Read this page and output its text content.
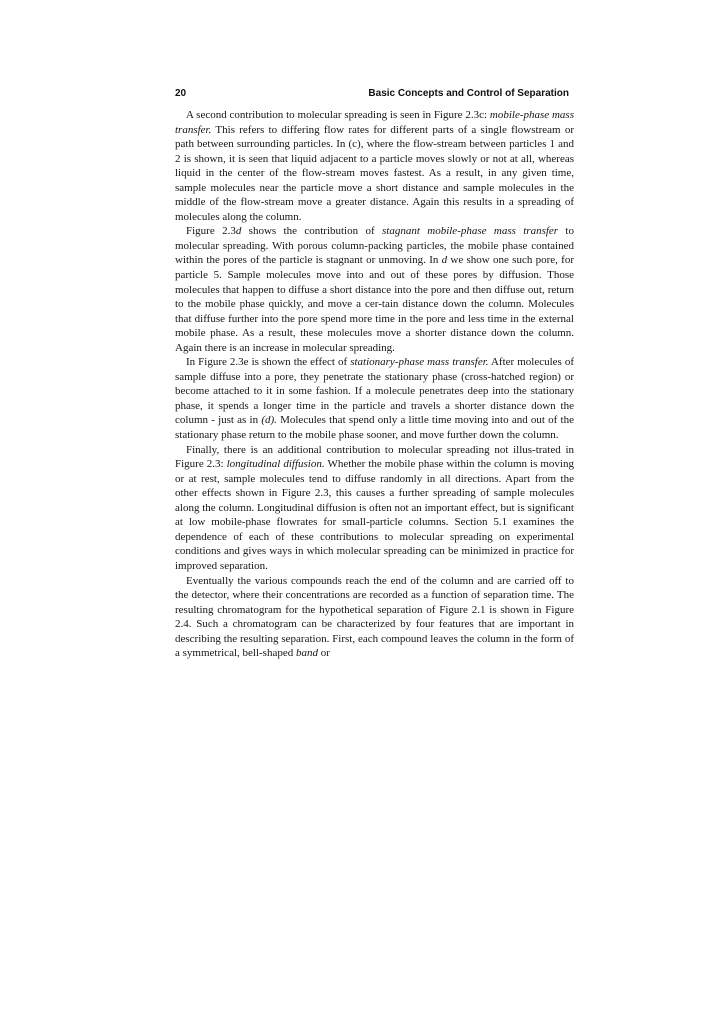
20	Basic Concepts and Control of Separation

A second contribution to molecular spreading is seen in Figure 2.3c: mobile-phase mass transfer. This refers to differing flow rates for different parts of a single flowstream or path between surrounding particles. In (c), where the flow-stream between particles 1 and 2 is shown, it is seen that liquid adjacent to a particle moves slowly or not at all, whereas liquid in the center of the flow-stream moves fastest. As a result, in any given time, sample molecules near the particle move a short distance and sample molecules in the middle of the flow-stream move a greater distance. Again this results in a spreading of molecules along the column.

Figure 2.3d shows the contribution of stagnant mobile-phase mass transfer to molecular spreading. With porous column-packing particles, the mobile phase contained within the pores of the particle is stagnant or unmoving. In d we show one such pore, for particle 5. Sample molecules move into and out of these pores by diffusion. Those molecules that happen to diffuse a short distance into the pore and then diffuse out, return to the mobile phase quickly, and move a cer-tain distance down the column. Molecules that diffuse further into the pore spend more time in the pore and less time in the external mobile phase. As a result, these molecules move a shorter distance down the column. Again there is an increase in molecular spreading.

In Figure 2.3e is shown the effect of stationary-phase mass transfer. After molecules of sample diffuse into a pore, they penetrate the stationary phase (cross-hatched region) or become attached to it in some fashion. If a molecule penetrates deep into the stationary phase, it spends a longer time in the particle and travels a shorter distance down the column - just as in (d). Molecules that spend only a little time moving into and out of the stationary phase return to the mobile phase sooner, and move further down the column.

Finally, there is an additional contribution to molecular spreading not illus-trated in Figure 2.3: longitudinal diffusion. Whether the mobile phase within the column is moving or at rest, sample molecules tend to diffuse randomly in all directions. Apart from the other effects shown in Figure 2.3, this causes a further spreading of sample molecules along the column. Longitudinal diffusion is often not an important effect, but is significant at low mobile-phase flowrates for small-particle columns. Section 5.1 examines the dependence of each of these contributions to molecular spreading on experimental conditions and gives ways in which molecular spreading can be minimized in practice for improved separation.

Eventually the various compounds reach the end of the column and are carried off to the detector, where their concentrations are recorded as a function of separation time. The resulting chromatogram for the hypothetical separation of Figure 2.1 is shown in Figure 2.4. Such a chromatogram can be characterized by four features that are important in describing the resulting separation. First, each compound leaves the column in the form of a symmetrical, bell-shaped band or
